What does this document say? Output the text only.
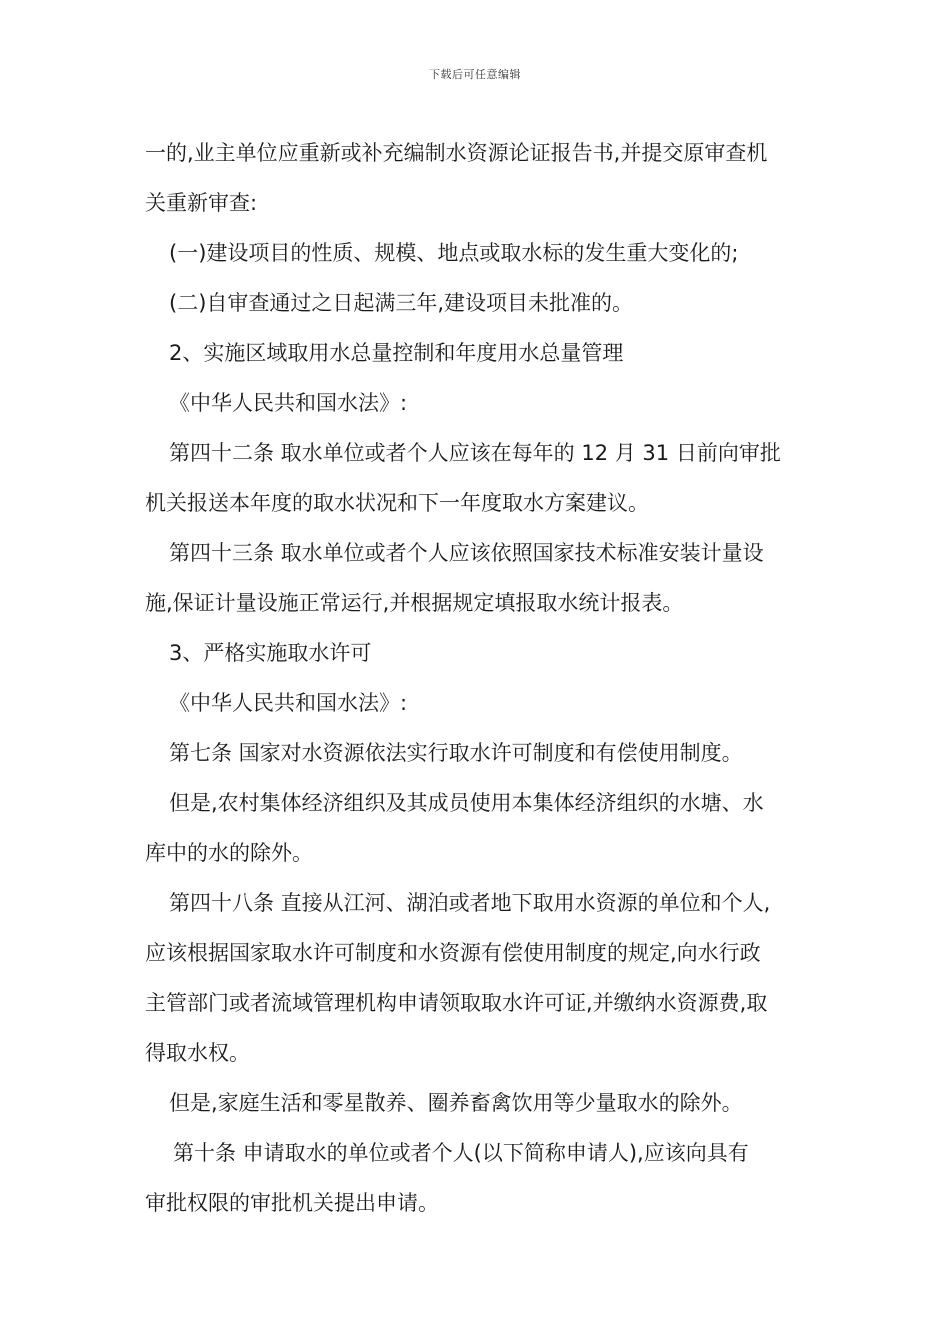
下载后可任意编辑
一的,业主单位应重新或补充编制水资源论证报告书,并提交原审查机
关重新审查:
(一)建设项目的性质、规模、地点或取水标的发生重大变化的;
(二)自审查通过之日起满三年,建设项目未批准的。
2、实施区域取用水总量控制和年度用水总量管理
《中华人民共和国水法》:
第四十二条 取水单位或者个人应该在每年的 12 月 31 日前向审批
机关报送本年度的取水状况和下一年度取水方案建议。
第四十三条 取水单位或者个人应该依照国家技术标准安装计量设
施,保证计量设施正常运行,并根据规定填报取水统计报表。
3、严格实施取水许可
《中华人民共和国水法》:
第七条 国家对水资源依法实行取水许可制度和有偿使用制度。
但是,农村集体经济组织及其成员使用本集体经济组织的水塘、水
库中的水的除外。
第四十八条 直接从江河、湖泊或者地下取用水资源的单位和个人,
应该根据国家取水许可制度和水资源有偿使用制度的规定,向水行政
主管部门或者流域管理机构申请领取取水许可证,并缴纳水资源费,取
得取水权。
但是,家庭生活和零星散养、圈养畜禽饮用等少量取水的除外。
第十条 申请取水的单位或者个人(以下简称申请人),应该向具有
审批权限的审批机关提出申请。
